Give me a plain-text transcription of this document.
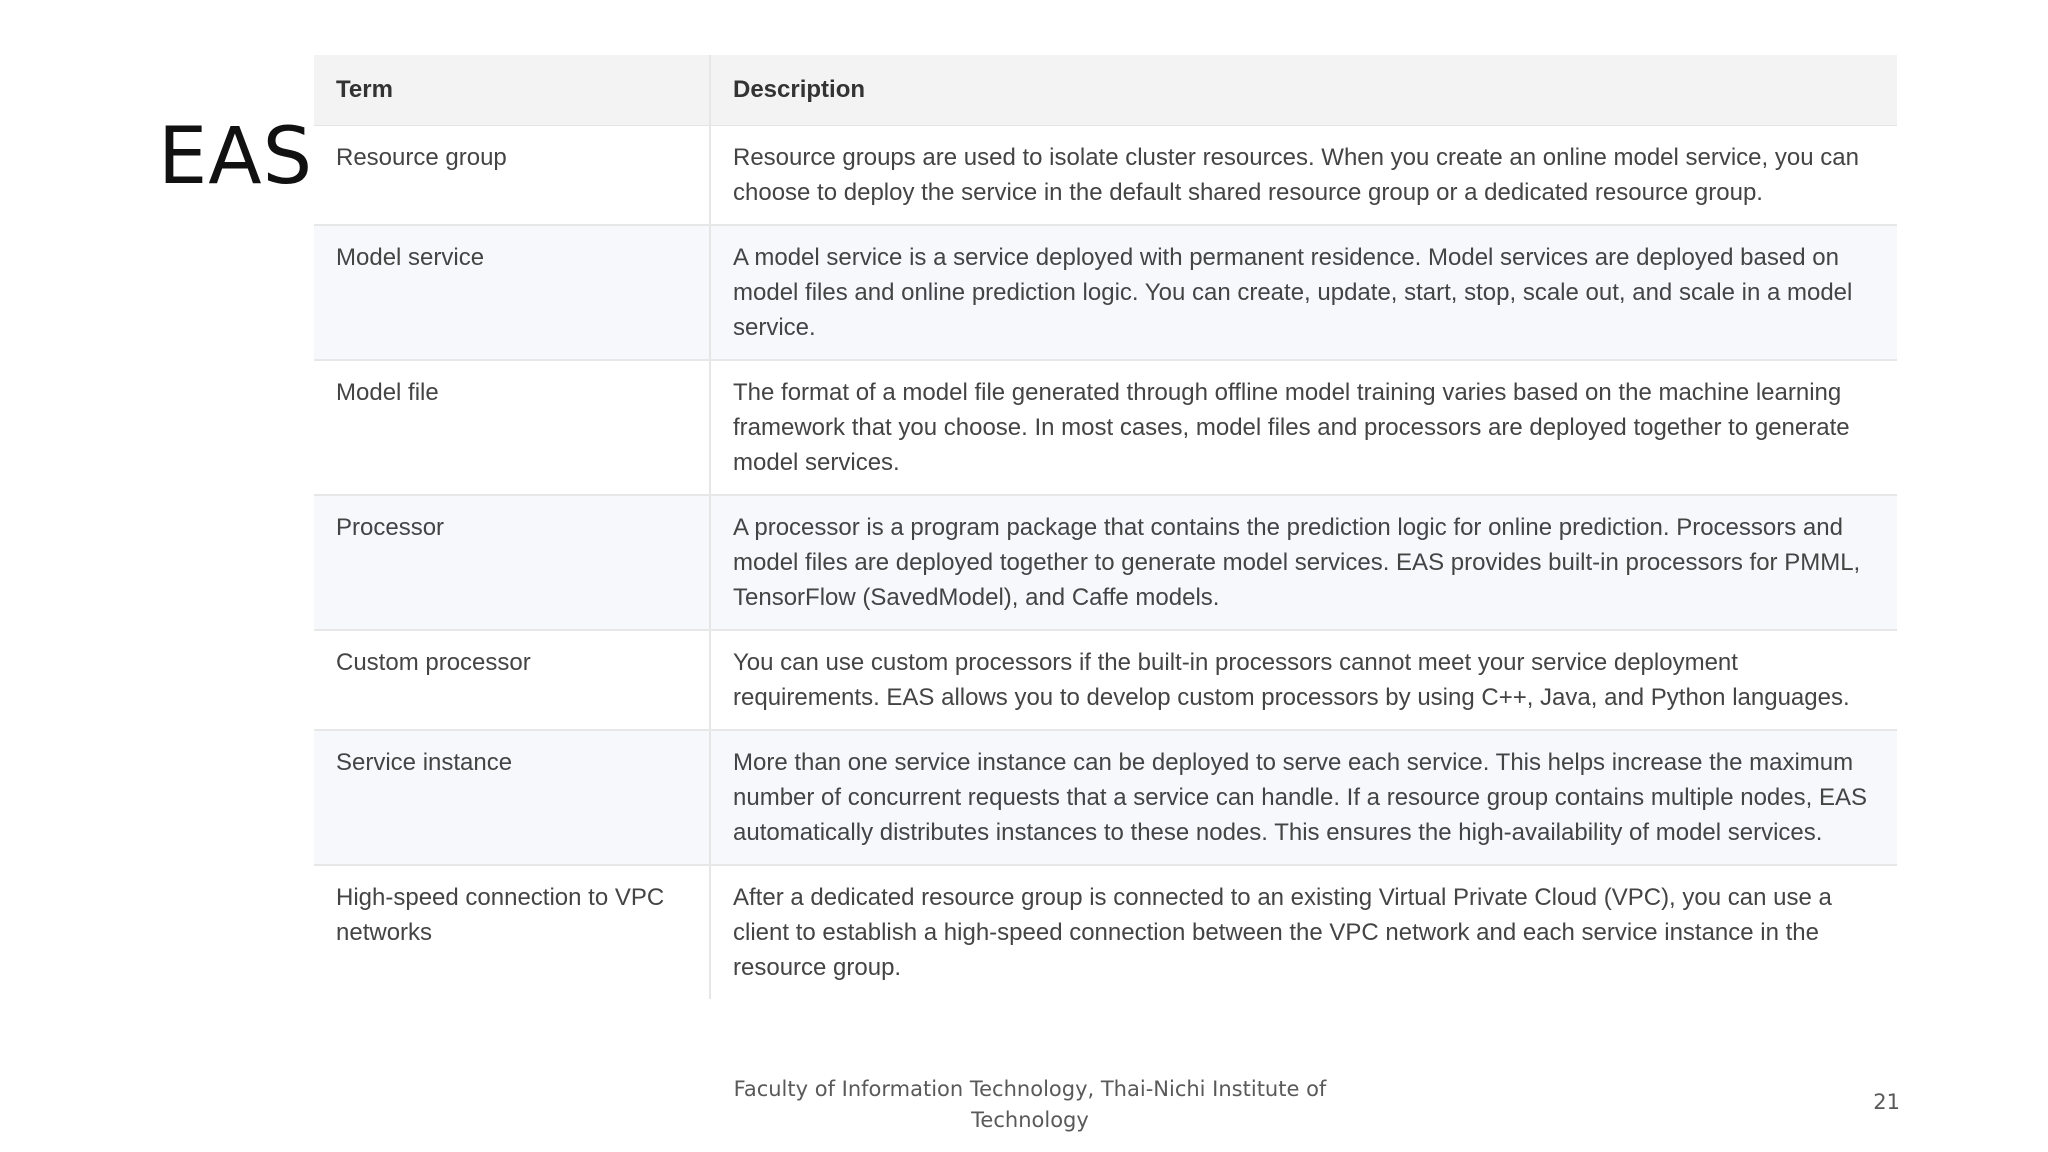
EAS
Term	Description
Resource group	Resource groups are used to isolate cluster resources. When you create an online model service, you can choose to deploy the service in the default shared resource group or a dedicated resource group.
Model service	A model service is a service deployed with permanent residence. Model services are deployed based on model files and online prediction logic. You can create, update, start, stop, scale out, and scale in a model service.
Model file	The format of a model file generated through offline model training varies based on the machine learning framework that you choose. In most cases, model files and processors are deployed together to generate model services.
Processor	A processor is a program package that contains the prediction logic for online prediction. Processors and model files are deployed together to generate model services. EAS provides built-in processors for PMML, TensorFlow (SavedModel), and Caffe models.
Custom processor	You can use custom processors if the built-in processors cannot meet your service deployment requirements. EAS allows you to develop custom processors by using C++, Java, and Python languages.
Service instance	More than one service instance can be deployed to serve each service. This helps increase the maximum number of concurrent requests that a service can handle. If a resource group contains multiple nodes, EAS automatically distributes instances to these nodes. This ensures the high-availability of model services.
High-speed connection to VPC networks	After a dedicated resource group is connected to an existing Virtual Private Cloud (VPC), you can use a client to establish a high-speed connection between the VPC network and each service instance in the resource group.
Faculty of Information Technology, Thai-Nichi Institute of Technology
21
